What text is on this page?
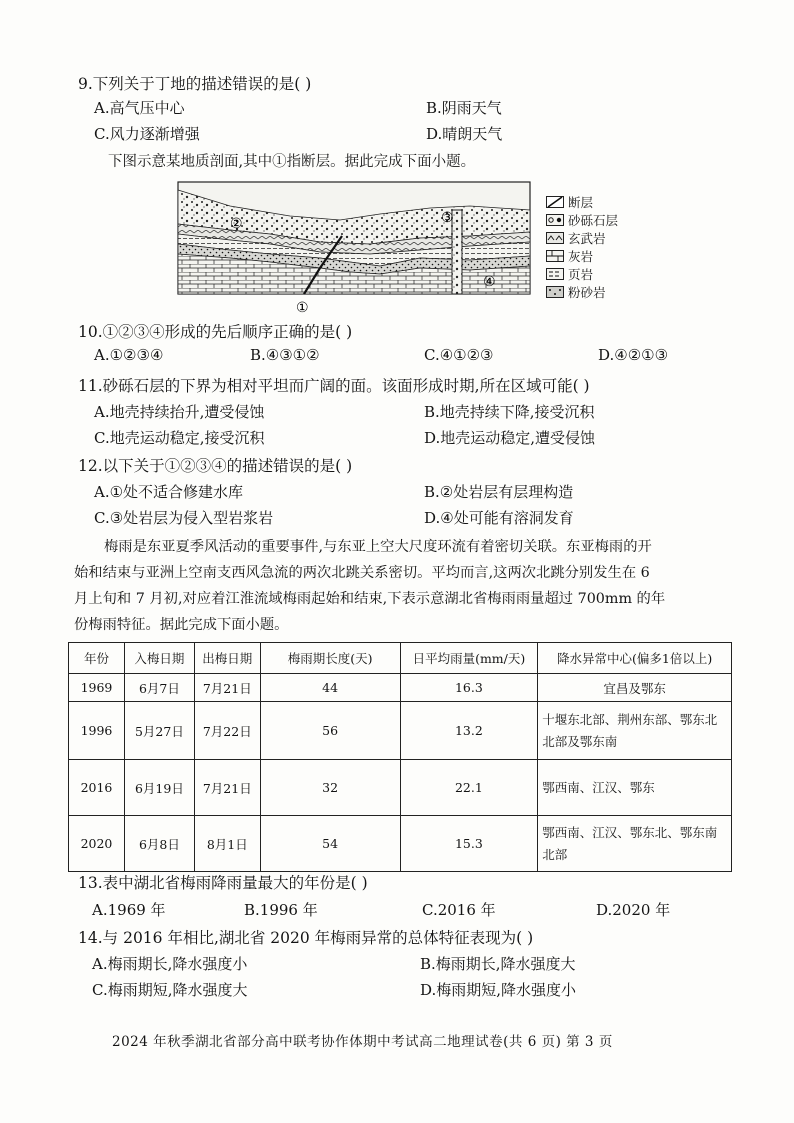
9.下列关于丁地的描述错误的是( )
A.高气压中心	B.阴雨天气
C.风力逐渐增强	D.晴朗天气
下图示意某地质剖面,其中①指断层。据此完成下面小题。
②	③
④
①
断层
砂砾石层
玄武岩
灰岩
页岩
粉砂岩
10.①②③④形成的先后顺序正确的是( )
A.①②③④	B.④③①②	C.④①②③	D.④②①③
11.砂砾石层的下界为相对平坦而广阔的面。该面形成时期,所在区域可能( )
A.地壳持续抬升,遭受侵蚀	B.地壳持续下降,接受沉积
C.地壳运动稳定,接受沉积	D.地壳运动稳定,遭受侵蚀
12.以下关于①②③④的描述错误的是( )
A.①处不适合修建水库	B.②处岩层有层理构造
C.③处岩层为侵入型岩浆岩	D.④处可能有溶洞发育
梅雨是东亚夏季风活动的重要事件,与东亚上空大尺度环流有着密切关联。东亚梅雨的开
始和结束与亚洲上空南支西风急流的两次北跳关系密切。平均而言,这两次北跳分别发生在 6
月上旬和 7 月初,对应着江淮流域梅雨起始和结束,下表示意湖北省梅雨雨量超过 700mm 的年
份梅雨特征。据此完成下面小题。
年份	入梅日期	出梅日期	梅雨期长度(天)	日平均雨量(mm/天)	降水异常中心(偏多1倍以上)
1969	6月7日	7月21日	44	16.3	宜昌及鄂东
1996	5月27日	7月22日	56	13.2	十堰东北部、荆州东部、鄂东北北部及鄂东南
2016	6月19日	7月21日	32	22.1	鄂西南、江汉、鄂东
2020	6月8日	8月1日	54	15.3	鄂西南、江汉、鄂东北、鄂东南北部
13.表中湖北省梅雨降雨量最大的年份是( )
A.1969 年	B.1996 年	C.2016 年	D.2020 年
14.与 2016 年相比,湖北省 2020 年梅雨异常的总体特征表现为( )
A.梅雨期长,降水强度小	B.梅雨期长,降水强度大
C.梅雨期短,降水强度大	D.梅雨期短,降水强度小
2024 年秋季湖北省部分高中联考协作体期中考试高二地理试卷(共 6 页) 第 3 页
